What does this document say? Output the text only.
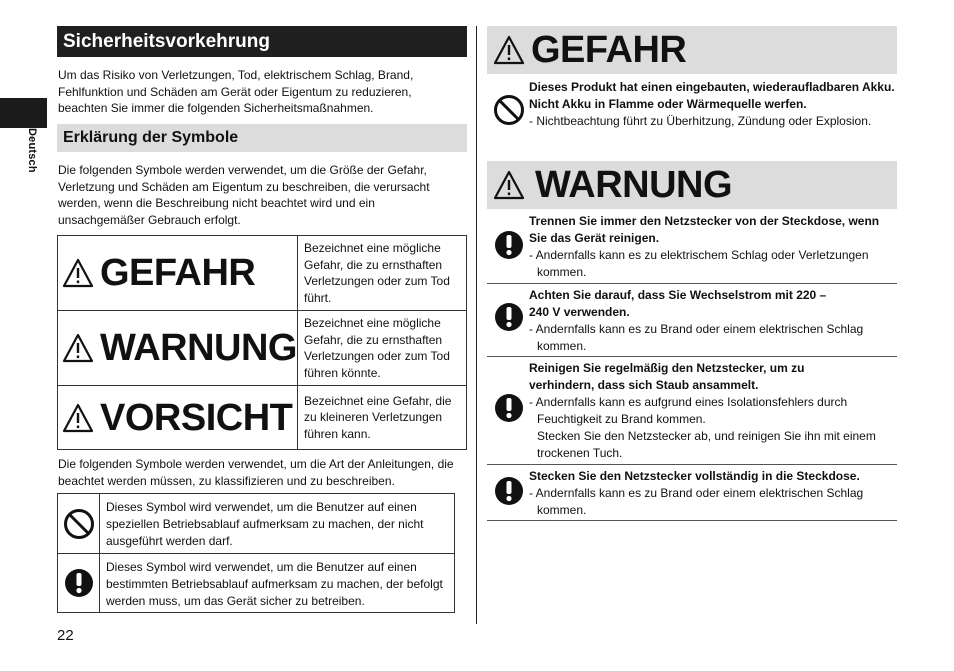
Deutsch
Sicherheitsvorkehrung
Um das Risiko von Verletzungen, Tod, elektrischem Schlag, Brand, Fehlfunktion und Schäden am Gerät oder Eigentum zu reduzieren, beachten Sie immer die folgenden Sicherheitsmaßnahmen.
Erklärung der Symbole
Die folgenden Symbole werden verwendet, um die Größe der Gefahr, Verletzung und Schäden am Eigentum zu beschreiben, die verursacht werden, wenn die Beschreibung nicht beachtet wird und ein unsachgemäßer Gebrauch erfolgt.
GEFAHR
Bezeichnet eine mögliche Gefahr, die zu ernsthaften Verletzungen oder zum Tod führt.
WARNUNG
Bezeichnet eine mögliche Gefahr, die zu ernsthaften Verletzungen oder zum Tod führen könnte.
VORSICHT Bezeichnet eine Gefahr, die zu kleineren Verletzungen führen kann.
Die folgenden Symbole werden verwendet, um die Art der Anleitungen, die beachtet werden müssen, zu klassifizieren und zu beschreiben.
Dieses Symbol wird verwendet, um die Benutzer auf einen speziellen Betriebsablauf aufmerksam zu machen, der nicht ausgeführt werden darf.
Dieses Symbol wird verwendet, um die Benutzer auf einen bestimmten Betriebsablauf aufmerksam zu machen, der befolgt werden muss, um das Gerät sicher zu betreiben.
22
GEFAHR
Dieses Produkt hat einen eingebauten, wiederaufladbaren Akku.
Nicht Akku in Flamme oder Wärmequelle werfen.
- Nichtbeachtung führt zu Überhitzung, Zündung oder Explosion.
WARNUNG
Trennen Sie immer den Netzstecker von der Steckdose, wenn Sie das Gerät reinigen.
- Andernfalls kann es zu elektrischem Schlag oder Verletzungen kommen.
Achten Sie darauf, dass Sie Wechselstrom mit 220 – 240 V verwenden.
- Andernfalls kann es zu Brand oder einem elektrischen Schlag kommen.
Reinigen Sie regelmäßig den Netzstecker, um zu verhindern, dass sich Staub ansammelt.
- Andernfalls kann es aufgrund eines Isolationsfehlers durch Feuchtigkeit zu Brand kommen.
Stecken Sie den Netzstecker ab, und reinigen Sie ihn mit einem trockenen Tuch.
Stecken Sie den Netzstecker vollständig in die Steckdose.
- Andernfalls kann es zu Brand oder einem elektrischen Schlag kommen.
